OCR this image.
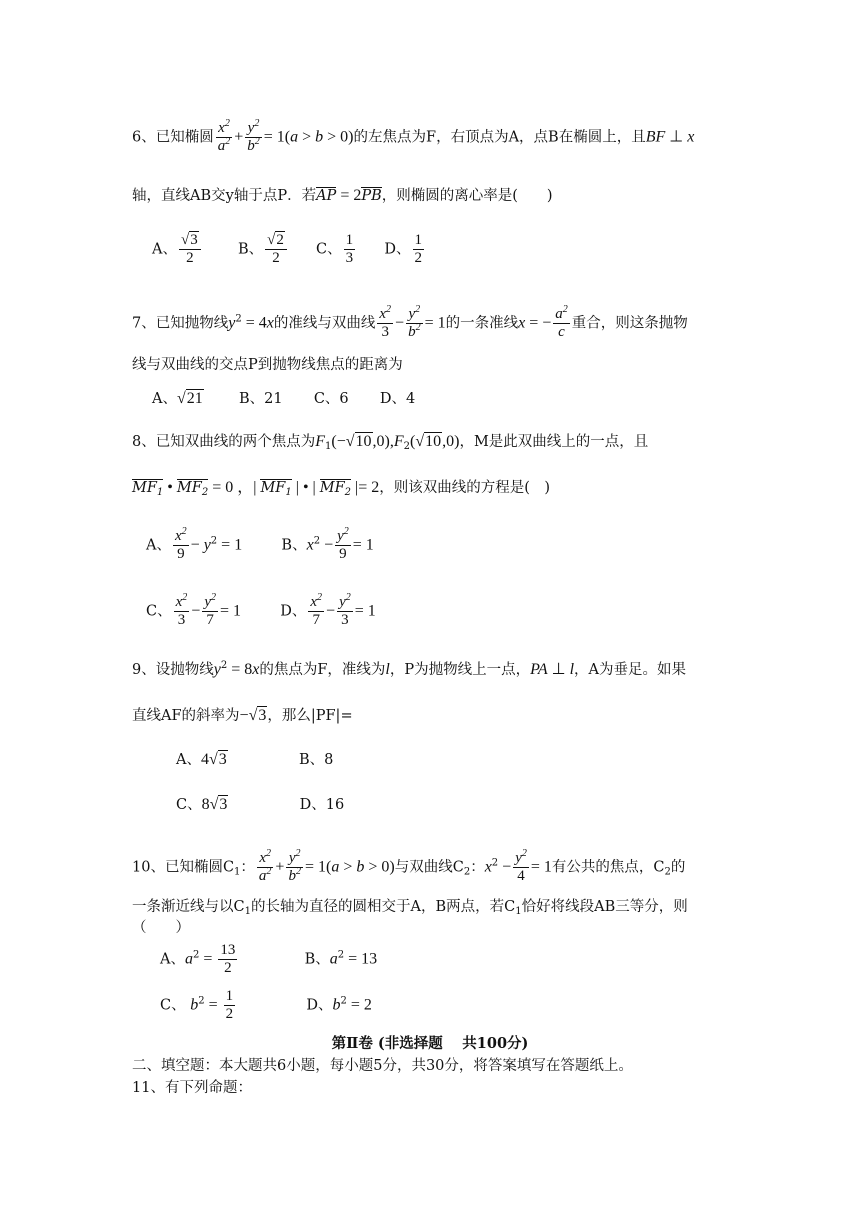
6、已知椭圆 $\frac{x^2}{a^2} + \frac{y^2}{b^2} = 1(a > b > 0)$的左焦点为F，右顶点为A，点B在椭圆上，且BF ⊥ x
轴，直线AB交y轴于点P．若AP = 2PB，则椭圆的离心率是(　　)
A、 $\frac{√3}{2}$	B、 $\frac{√2}{2}$ C、 $\frac{1}{3}$ D、 $\frac{1}{2}$
7、已知抛物线$y^2 = 4x$的准线与双曲线 $\frac{x^2}{3} - \frac{y^2}{b^2} = 1$的一条准线x = − $\frac{a^2}{c}$ 重合，则这条抛物
线与双曲线的交点P到抛物线焦点的距离为
A、√21 B、21 C、6 D、4
8、已知双曲线的两个焦点为$F_1(-√10,0),F_2(√10,0)$，M是此双曲线上的一点，且
$MF_1$ • $MF_2 = 0$ ，| $MF_1$ | • | $MF_2$ |= 2，则该双曲线的方程是(　)
A、 $\frac{x^2}{9} - y^2 = 1$	B、$x^2 - \frac{y^2}{9} = 1$
C、 $\frac{x^2}{3} - \frac{y^2}{7} = 1$	D、 $\frac{x^2}{7} - \frac{y^2}{3} = 1$
9、设抛物线$y^2 = 8x$的焦点为F，准线为l，P为抛物线上一点，PA ⊥ l，A为垂足。如果
直线AF的斜率为−√3，那么|PF|=
A、4√3	B、8
C、8√3	D、16
10、已知椭圆$C_1$： $\frac{x^2}{a^2} + \frac{y^2}{b^2} = 1(a > b > 0)$与双曲线$C_2$：$x^2 - \frac{y^2}{4} = 1$有公共的焦点，$C_2$的
一条渐近线与以$C_1$的长轴为直径的圆相交于A，B两点，若$C_1$恰好将线段AB三等分，则
（　　）
A、$a^2 = \frac{13}{2}$	B、$a^2 = 13$
C、 $b^2 = \frac{1}{2}$	D、$b^2 = 2$
第Ⅱ卷 (非选择题　 共100分)
二、填空题：本大题共6小题，每小题5分，共30分，将答案填写在答题纸上。
11、有下列命题：
